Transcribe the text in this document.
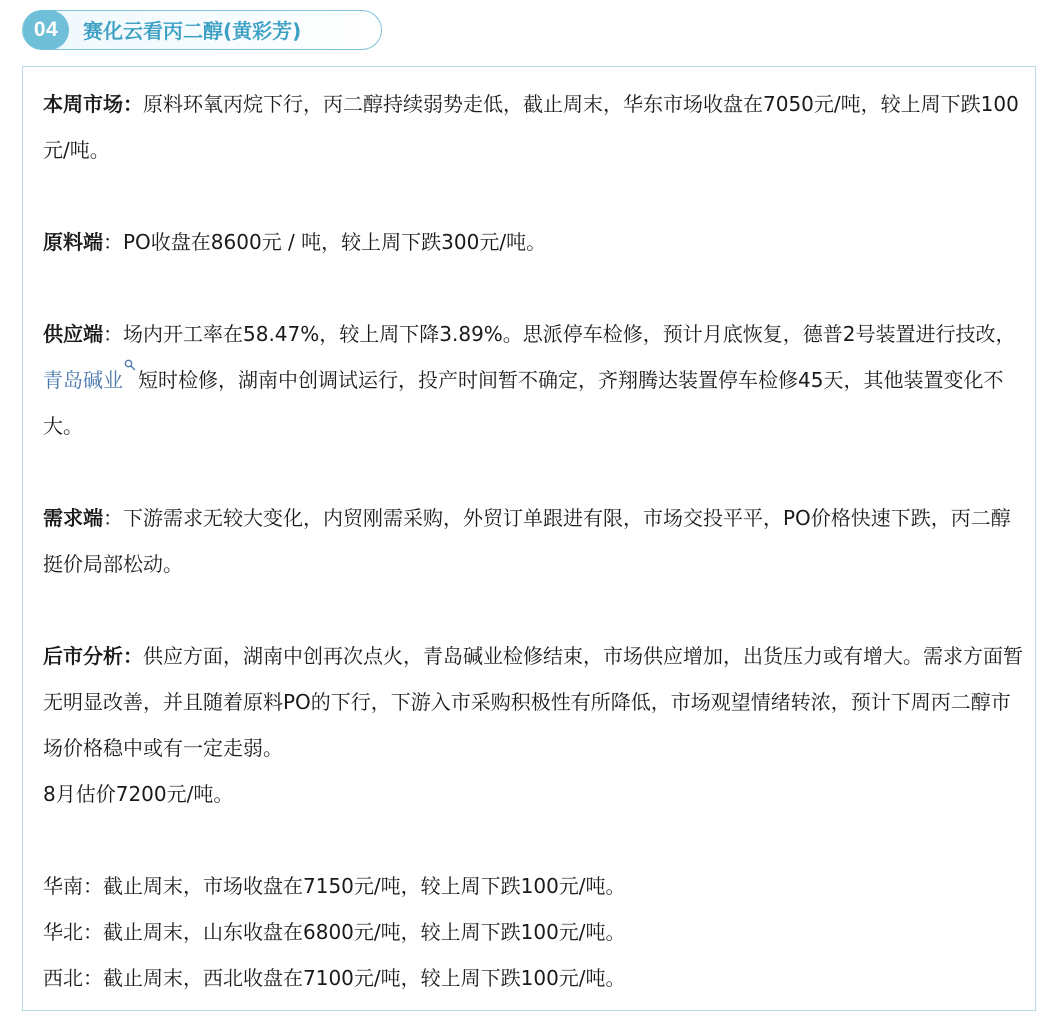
04	赛化云看丙二醇(黄彩芳)

本周市场：原料环氧丙烷下行，丙二醇持续弱势走低，截止周末，华东市场收盘在7050元/吨，较上周下跌100元/吨。

原料端：PO收盘在8600元 / 吨，较上周下跌300元/吨。

供应端：场内开工率在58.47%，较上周下降3.89%。思派停车检修，预计月底恢复，德普2号装置进行技改，青岛碱业 短时检修，湖南中创调试运行，投产时间暂不确定，齐翔腾达装置停车检修45天，其他装置变化不大。

需求端：下游需求无较大变化，内贸刚需采购，外贸订单跟进有限，市场交投平平，PO价格快速下跌，丙二醇挺价局部松动。

后市分析：供应方面，湖南中创再次点火，青岛碱业检修结束，市场供应增加，出货压力或有增大。需求方面暂无明显改善，并且随着原料PO的下行，下游入市采购积极性有所降低，市场观望情绪转浓，预计下周丙二醇市场价格稳中或有一定走弱。

8月估价7200元/吨。

华南：截止周末，市场收盘在7150元/吨，较上周下跌100元/吨。

华北：截止周末，山东收盘在6800元/吨，较上周下跌100元/吨。

西北：截止周末，西北收盘在7100元/吨，较上周下跌100元/吨。
